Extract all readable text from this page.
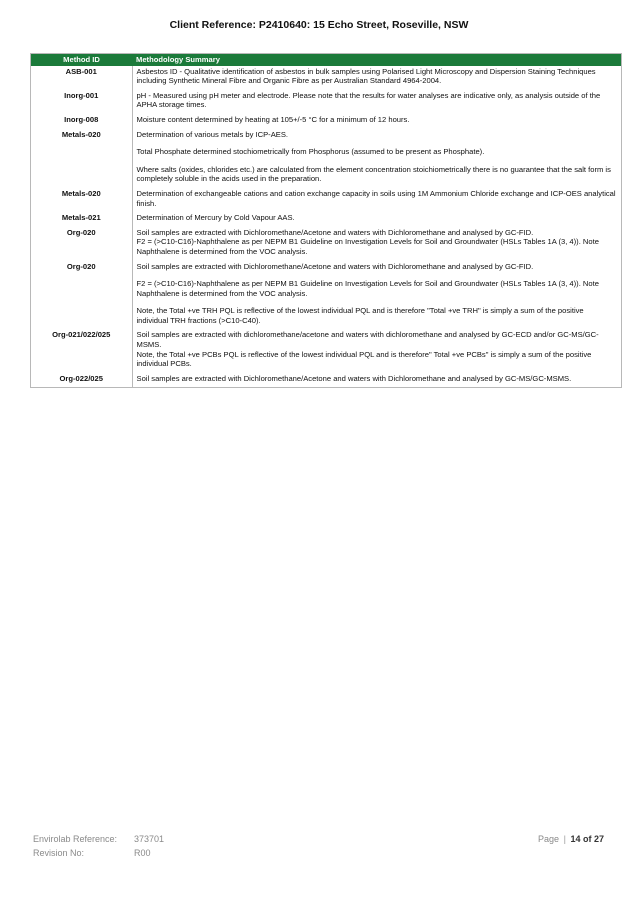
Client Reference: P2410640: 15 Echo Street, Roseville, NSW
Method ID	Methodology Summary
ASB-001	Asbestos ID - Qualitative identification of asbestos in bulk samples using Polarised Light Microscopy and Dispersion Staining Techniques including Synthetic Mineral Fibre and Organic Fibre as per Australian Standard 4964-2004.

Inorg-001	pH - Measured using pH meter and electrode. Please note that the results for water analyses are indicative only, as analysis outside of the APHA storage times.

Inorg-008	Moisture content determined by heating at 105+/-5 °C for a minimum of 12 hours.

Metals-020	Determination of various metals by ICP-AES.
Total Phosphate determined stochiometrically from Phosphorus (assumed to be present as Phosphate).
Where salts (oxides, chlorides etc.) are calculated from the element concentration stoichiometrically there is no guarantee that the salt form is completely soluble in the acids used in the preparation.

Metals-020	Determination of exchangeable cations and cation exchange capacity in soils using 1M Ammonium Chloride exchange and ICP-OES analytical finish.

Metals-021	Determination of Mercury by Cold Vapour AAS.

Org-020	Soil samples are extracted with Dichloromethane/Acetone and waters with Dichloromethane and analysed by GC-FID.
F2 = (>C10-C16)-Naphthalene as per NEPM B1 Guideline on Investigation Levels for Soil and Groundwater (HSLs Tables 1A (3, 4)). Note Naphthalene is determined from the VOC analysis.

Org-020	Soil samples are extracted with Dichloromethane/Acetone and waters with Dichloromethane and analysed by GC-FID.
F2 = (>C10-C16)-Naphthalene as per NEPM B1 Guideline on Investigation Levels for Soil and Groundwater (HSLs Tables 1A (3, 4)). Note Naphthalene is determined from the VOC analysis.
Note, the Total +ve TRH PQL is reflective of the lowest individual PQL and is therefore "Total +ve TRH" is simply a sum of the positive individual TRH fractions (>C10-C40).

Org-021/022/025	Soil samples are extracted with dichloromethane/acetone and waters with dichloromethane and analysed by GC-ECD and/or GC-MS/GC-MSMS.
Note, the Total +ve PCBs PQL is reflective of the lowest individual PQL and is therefore" Total +ve PCBs" is simply a sum of the positive individual PCBs.

Org-022/025	Soil samples are extracted with Dichloromethane/Acetone and waters with Dichloromethane and analysed by GC-MS/GC-MSMS.
Envirolab Reference:	373701
Revision No:	R00
Page | 14 of 27
